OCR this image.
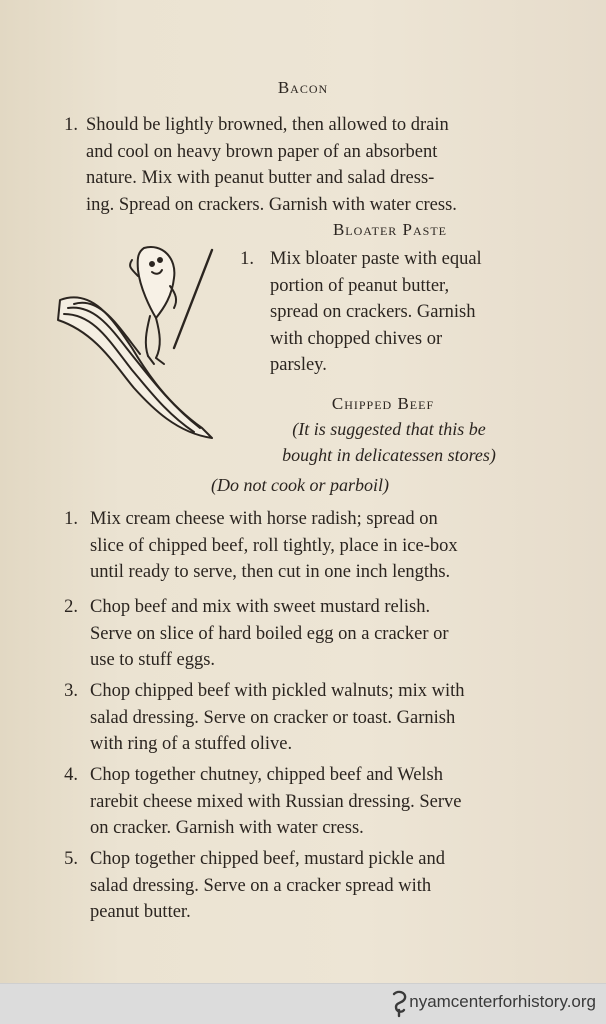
Bacon
1. Should be lightly browned, then allowed to drain
and cool on heavy brown paper of an absorbent
nature. Mix with peanut butter and salad dress-
ing. Spread on crackers. Garnish with water cress.
Bloater Paste
1. Mix bloater paste with equal
portion of peanut butter,
spread on crackers. Garnish
with chopped chives or
parsley.
Chipped Beef
(It is suggested that this be
bought in delicatessen stores)
(Do not cook or parboil)
1. Mix cream cheese with horse radish; spread on
slice of chipped beef, roll tightly, place in ice-box
until ready to serve, then cut in one inch lengths.
2. Chop beef and mix with sweet mustard relish.
Serve on slice of hard boiled egg on a cracker or
use to stuff eggs.
3. Chop chipped beef with pickled walnuts; mix with
salad dressing. Serve on cracker or toast. Garnish
with ring of a stuffed olive.
4. Chop together chutney, chipped beef and Welsh
rarebit cheese mixed with Russian dressing. Serve
on cracker. Garnish with water cress.
5. Chop together chipped beef, mustard pickle and
salad dressing. Serve on a cracker spread with
peanut butter.
nyamcenterforhistory.org
